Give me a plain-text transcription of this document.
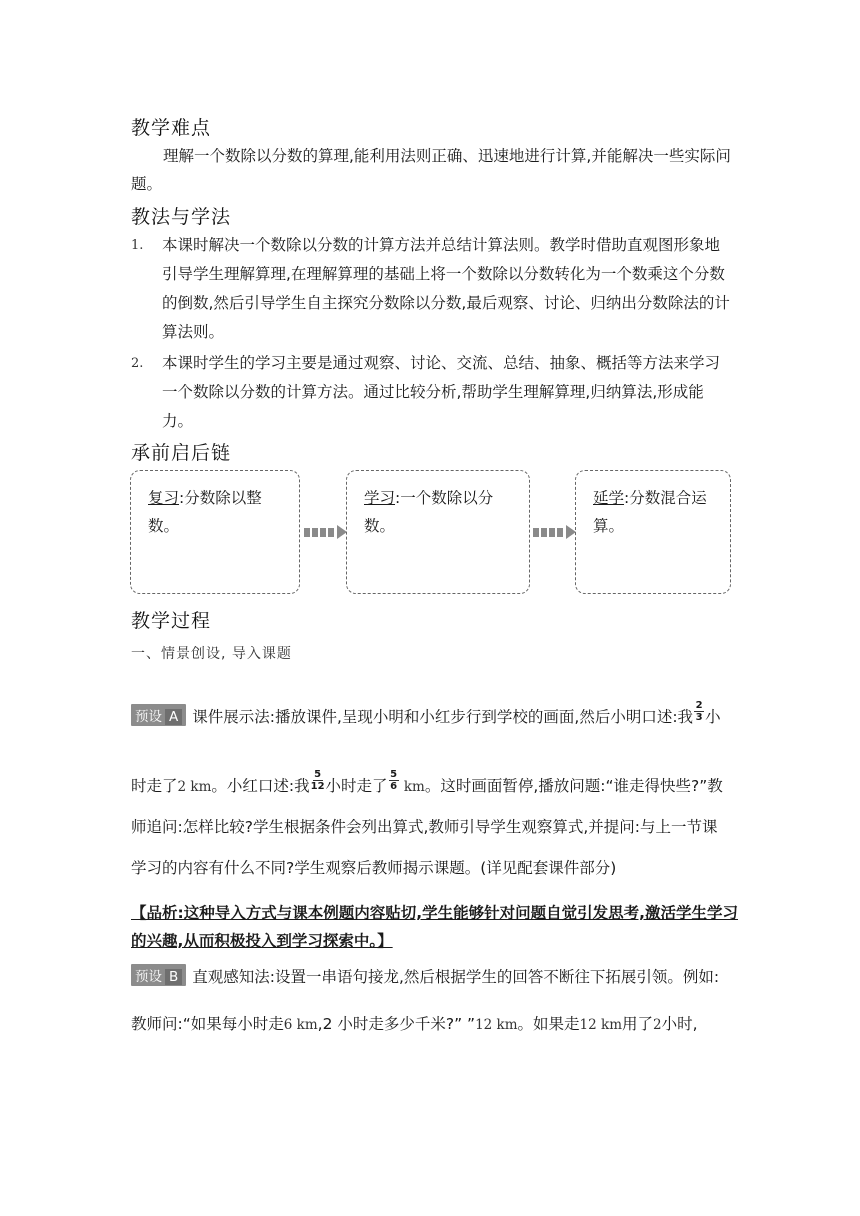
教学难点
理解一个数除以分数的算理,能利用法则正确、迅速地进行计算,并能解决一些实际问题。
教法与学法
1. 本课时解决一个数除以分数的计算方法并总结计算法则。教学时借助直观图形象地引导学生理解算理,在理解算理的基础上将一个数除以分数转化为一个数乘这个分数的倒数,然后引导学生自主探究分数除以分数,最后观察、讨论、归纳出分数除法的计算法则。
2. 本课时学生的学习主要是通过观察、讨论、交流、总结、抽象、概括等方法来学习一个数除以分数的计算方法。通过比较分析,帮助学生理解算理,归纳算法,形成能力。
承前启后链
复习:分数除以整数。
学习:一个数除以分数。
延学:分数混合运算。
教学过程
一、情景创设, 导入课题
预设 A 课件展示法:播放课件,呈现小明和小红步行到学校的画面,然后小明口述:我 $\frac{2}{3}$ 小
时走了2 km。小红口述:我 $\frac{5}{12}$ 小时走了 $\frac{5}{6}$ km。这时画面暂停,播放问题:“谁走得快些?”教
师追问:怎样比较?学生根据条件会列出算式,教师引导学生观察算式,并提问:与上一节课
学习的内容有什么不同?学生观察后教师揭示课题。(详见配套课件部分)
【品析:这种导入方式与课本例题内容贴切,学生能够针对问题自觉引发思考,激活学生学习的兴趣,从而积极投入到学习探索中。】
预设 B 直观感知法:设置一串语句接龙,然后根据学生的回答不断往下拓展引领。例如:
教师问:“如果每小时走6 km,2 小时走多少千米?” ”12 km。如果走12 km用了2小时,
